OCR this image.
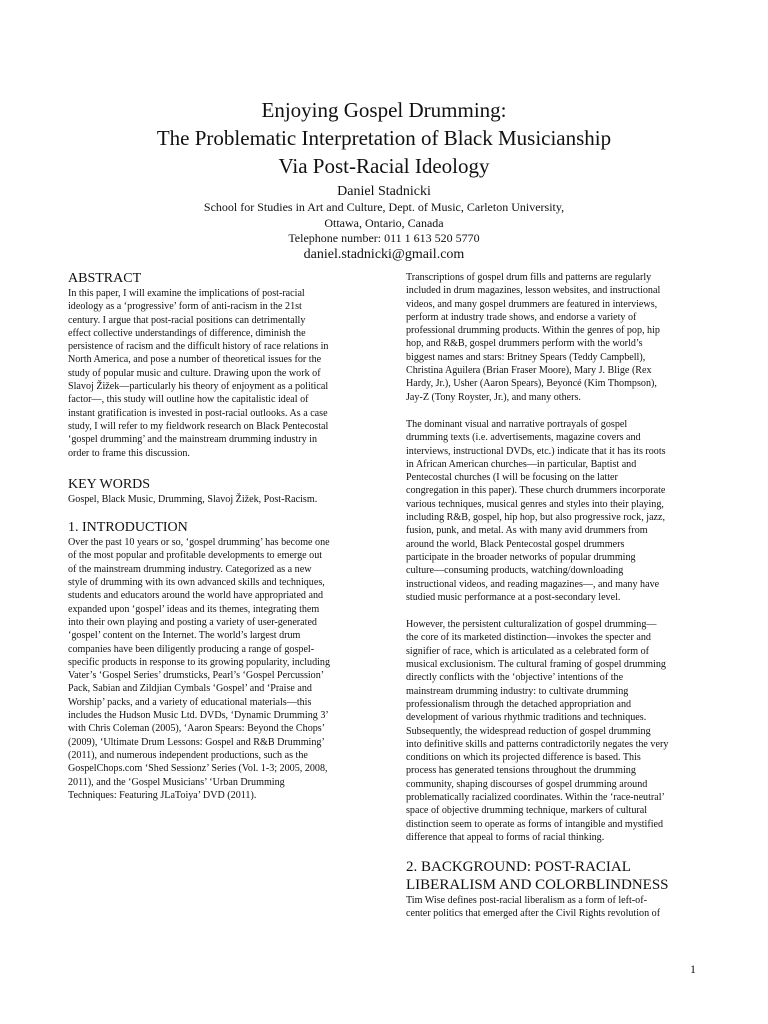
Enjoying Gospel Drumming:
The Problematic Interpretation of Black Musicianship
Via Post-Racial Ideology
Daniel Stadnicki
School for Studies in Art and Culture, Dept. of Music, Carleton University,
Ottawa, Ontario, Canada
Telephone number: 011 1 613 520 5770
daniel.stadnicki@gmail.com
ABSTRACT
In this paper, I will examine the implications of post-racial
ideology as a ‘progressive’ form of anti-racism in the 21st
century. I argue that post-racial positions can detrimentally
effect collective understandings of difference, diminish the
persistence of racism and the difficult history of race relations in
North America, and pose a number of theoretical issues for the
study of popular music and culture. Drawing upon the work of
Slavoj Žižek—particularly his theory of enjoyment as a political
factor—, this study will outline how the capitalistic ideal of
instant gratification is invested in post-racial outlooks. As a case
study, I will refer to my fieldwork research on Black Pentecostal
‘gospel drumming’ and the mainstream drumming industry in
order to frame this discussion.
KEY WORDS
Gospel, Black Music, Drumming, Slavoj Žižek, Post-Racism.
1. INTRODUCTION
Over the past 10 years or so, ‘gospel drumming’ has become one
of the most popular and profitable developments to emerge out
of the mainstream drumming industry. Categorized as a new
style of drumming with its own advanced skills and techniques,
students and educators around the world have appropriated and
expanded upon ‘gospel’ ideas and its themes, integrating them
into their own playing and posting a variety of user-generated
‘gospel’ content on the Internet. The world’s largest drum
companies have been diligently producing a range of gospel-
specific products in response to its growing popularity, including
Vater’s ‘Gospel Series’ drumsticks, Pearl’s ‘Gospel Percussion’
Pack, Sabian and Zildjian Cymbals ‘Gospel’ and ‘Praise and
Worship’ packs, and a variety of educational materials—this
includes the Hudson Music Ltd. DVDs, ‘Dynamic Drumming 3’
with Chris Coleman (2005), ‘Aaron Spears: Beyond the Chops’
(2009), ‘Ultimate Drum Lessons: Gospel and R&B Drumming’
(2011), and numerous independent productions, such as the
GospelChops.com ‘Shed Sessionz’ Series (Vol. 1-3; 2005, 2008,
2011), and the ‘Gospel Musicians’ ‘Urban Drumming
Techniques: Featuring JLaToiya’ DVD (2011).
Transcriptions of gospel drum fills and patterns are regularly
included in drum magazines, lesson websites, and instructional
videos, and many gospel drummers are featured in interviews,
perform at industry trade shows, and endorse a variety of
professional drumming products. Within the genres of pop, hip
hop, and R&B, gospel drummers perform with the world’s
biggest names and stars: Britney Spears (Teddy Campbell),
Christina Aguilera (Brian Fraser Moore), Mary J. Blige (Rex
Hardy, Jr.), Usher (Aaron Spears), Beyoncé (Kim Thompson),
Jay-Z (Tony Royster, Jr.), and many others.
The dominant visual and narrative portrayals of gospel
drumming texts (i.e. advertisements, magazine covers and
interviews, instructional DVDs, etc.) indicate that it has its roots
in African American churches—in particular, Baptist and
Pentecostal churches (I will be focusing on the latter
congregation in this paper). These church drummers incorporate
various techniques, musical genres and styles into their playing,
including R&B, gospel, hip hop, but also progressive rock, jazz,
fusion, punk, and metal. As with many avid drummers from
around the world, Black Pentecostal gospel drummers
participate in the broader networks of popular drumming
culture—consuming products, watching/downloading
instructional videos, and reading magazines—, and many have
studied music performance at a post-secondary level.
However, the persistent culturalization of gospel drumming—
the core of its marketed distinction—invokes the specter and
signifier of race, which is articulated as a celebrated form of
musical exclusionism. The cultural framing of gospel drumming
directly conflicts with the ‘objective’ intentions of the
mainstream drumming industry: to cultivate drumming
professionalism through the detached appropriation and
development of various rhythmic traditions and techniques.
Subsequently, the widespread reduction of gospel drumming
into definitive skills and patterns contradictorily negates the very
conditions on which its projected difference is based. This
process has generated tensions throughout the drumming
community, shaping discourses of gospel drumming around
problematically racialized coordinates. Within the ‘race-neutral’
space of objective drumming technique, markers of cultural
distinction seem to operate as forms of intangible and mystified
difference that appeal to forms of racial thinking.
2. BACKGROUND: POST-RACIAL
LIBERALISM AND COLORBLINDNESS
Tim Wise defines post-racial liberalism as a form of left-of-
center politics that emerged after the Civil Rights revolution of
1
